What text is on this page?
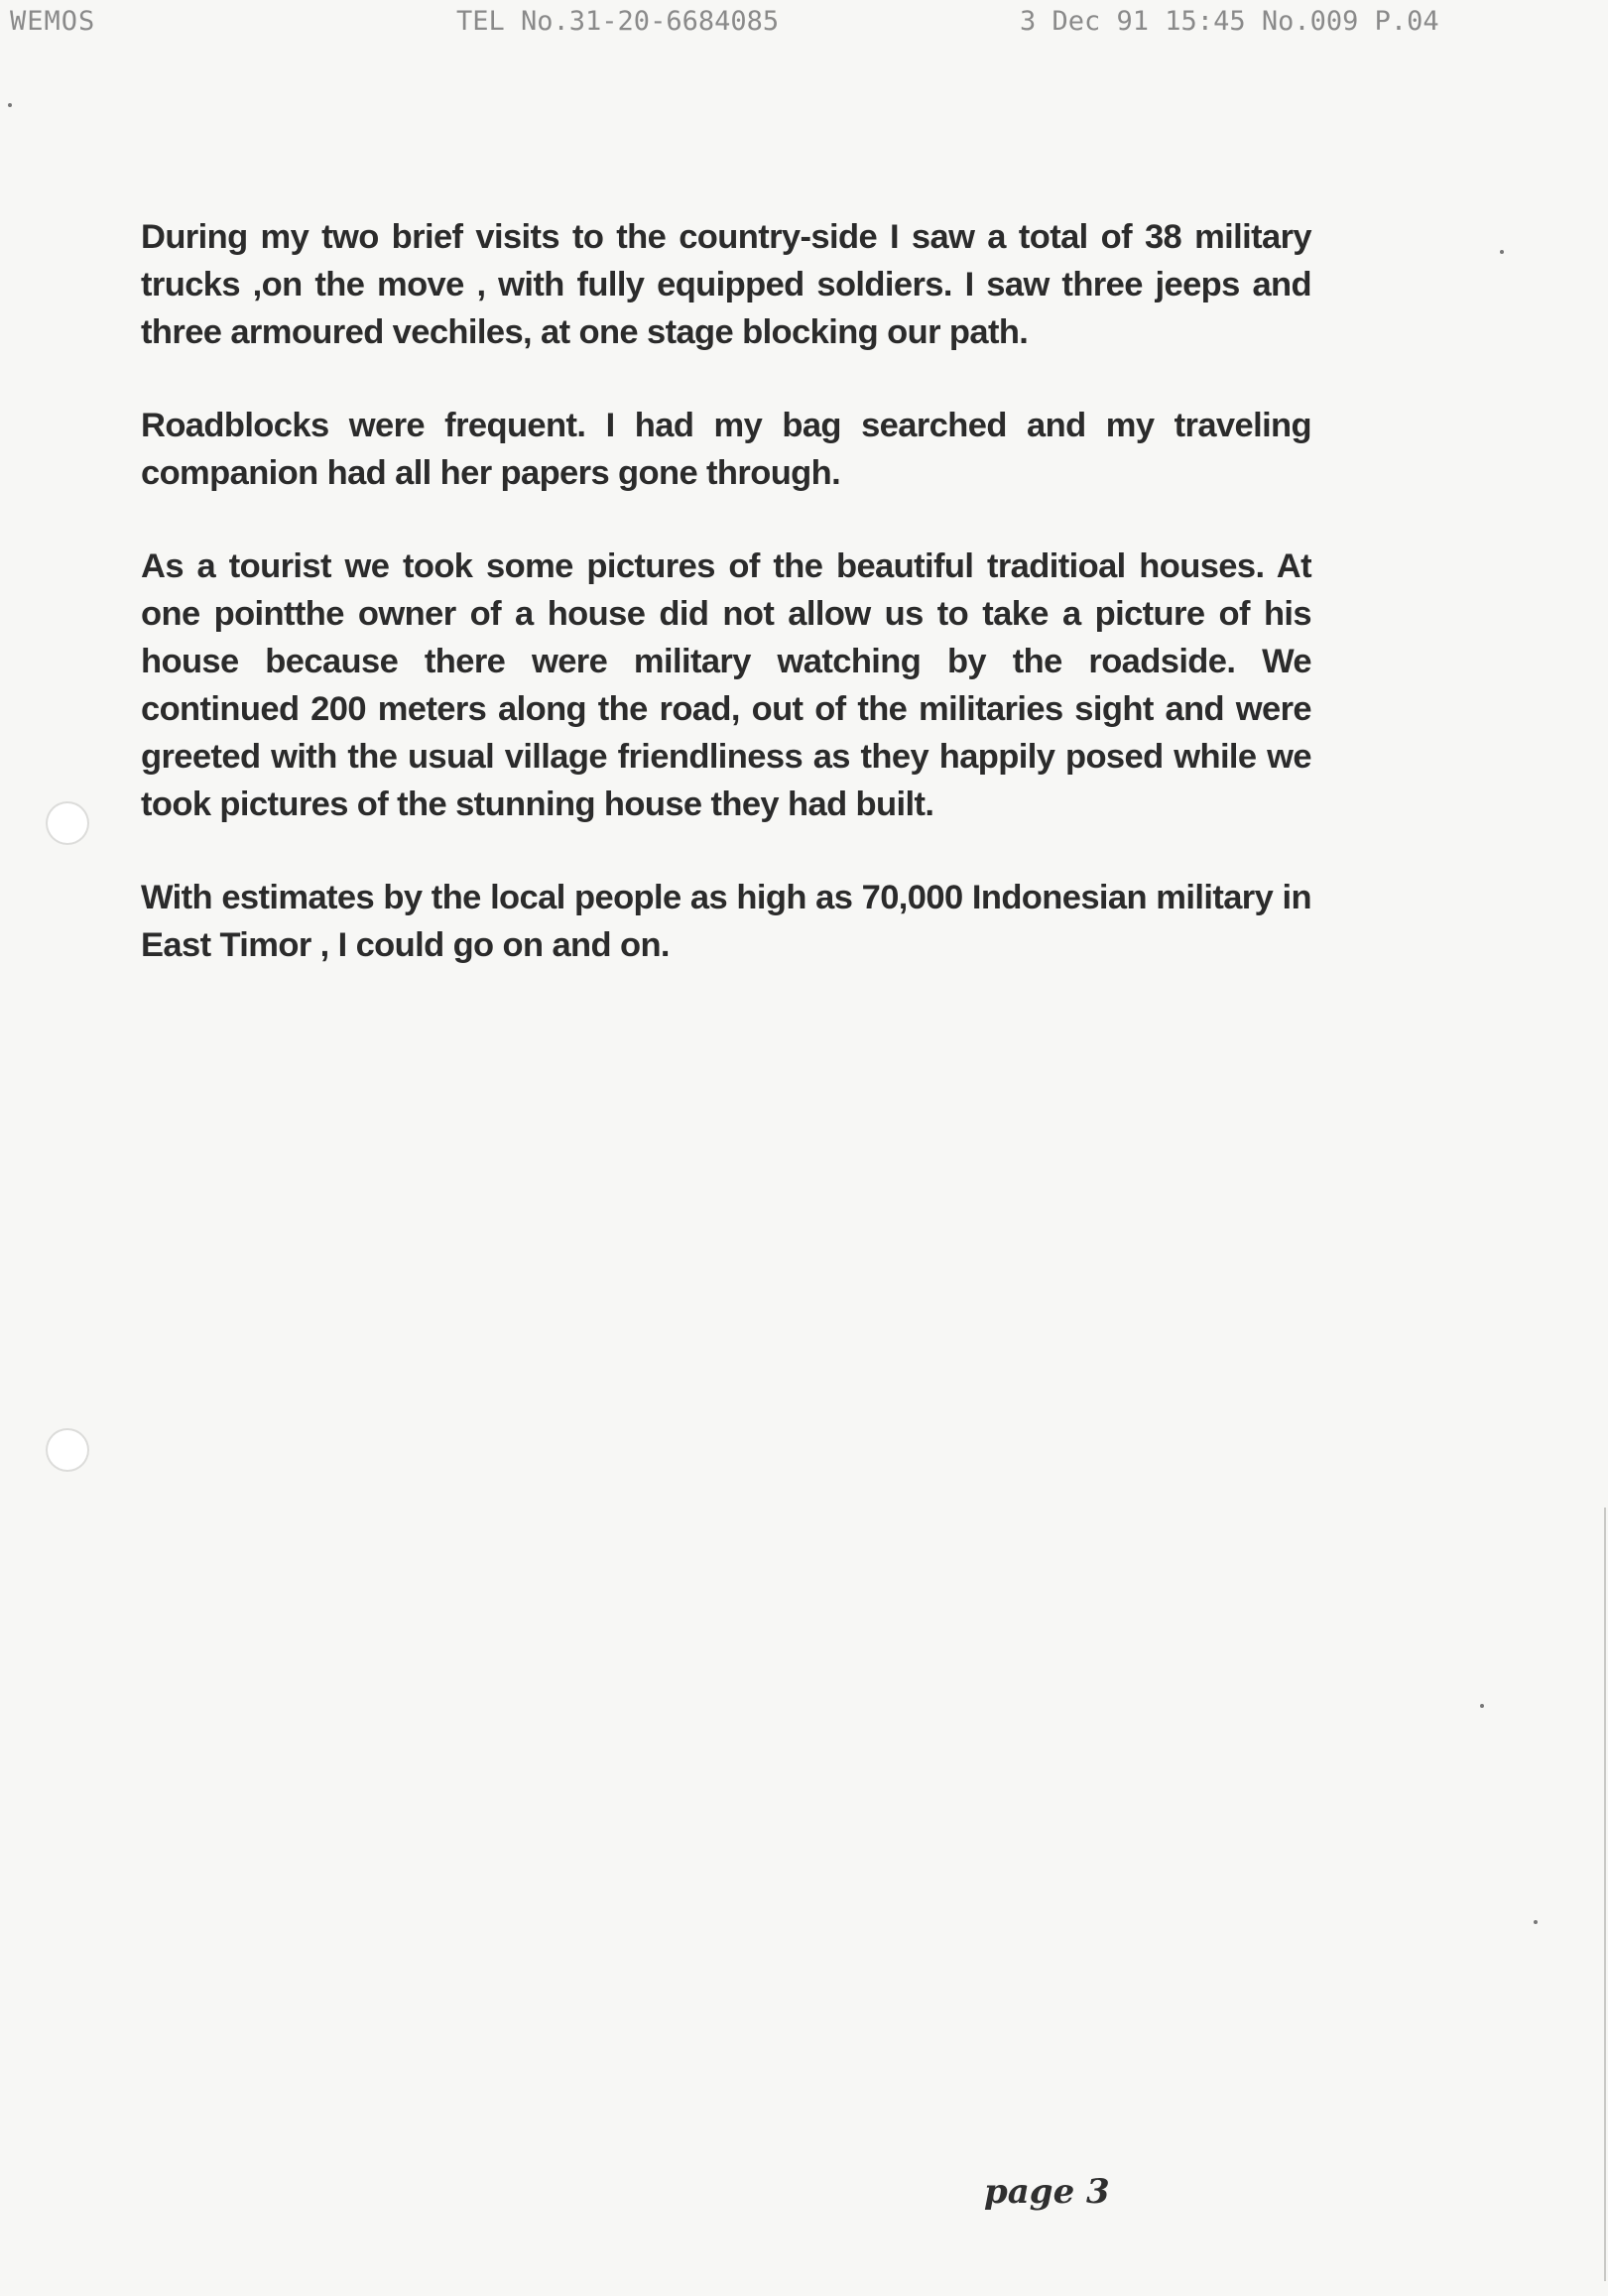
WEMOS	TEL No.31-20-6684085	3 Dec 91 15:45 No.009 P.04

During my two brief visits to the country-side I saw a total of 38 military trucks ,on the move , with fully equipped soldiers. I saw three jeeps and three armoured vechiles, at one stage blocking our path.

Roadblocks were frequent. I had my bag searched and my traveling companion had all her papers gone through.

As a tourist we took some pictures of the beautiful traditioal houses. At one pointthe owner of a house did not allow us to take a picture of his house because there were military watching by the roadside. We continued 200 meters along the road, out of the militaries sight and were greeted with the usual village friendliness as they happily posed while we took pictures of the stunning house they had built.

With estimates by the local people as high as 70,000 Indonesian military in East Timor , I could go on and on.

page 3
